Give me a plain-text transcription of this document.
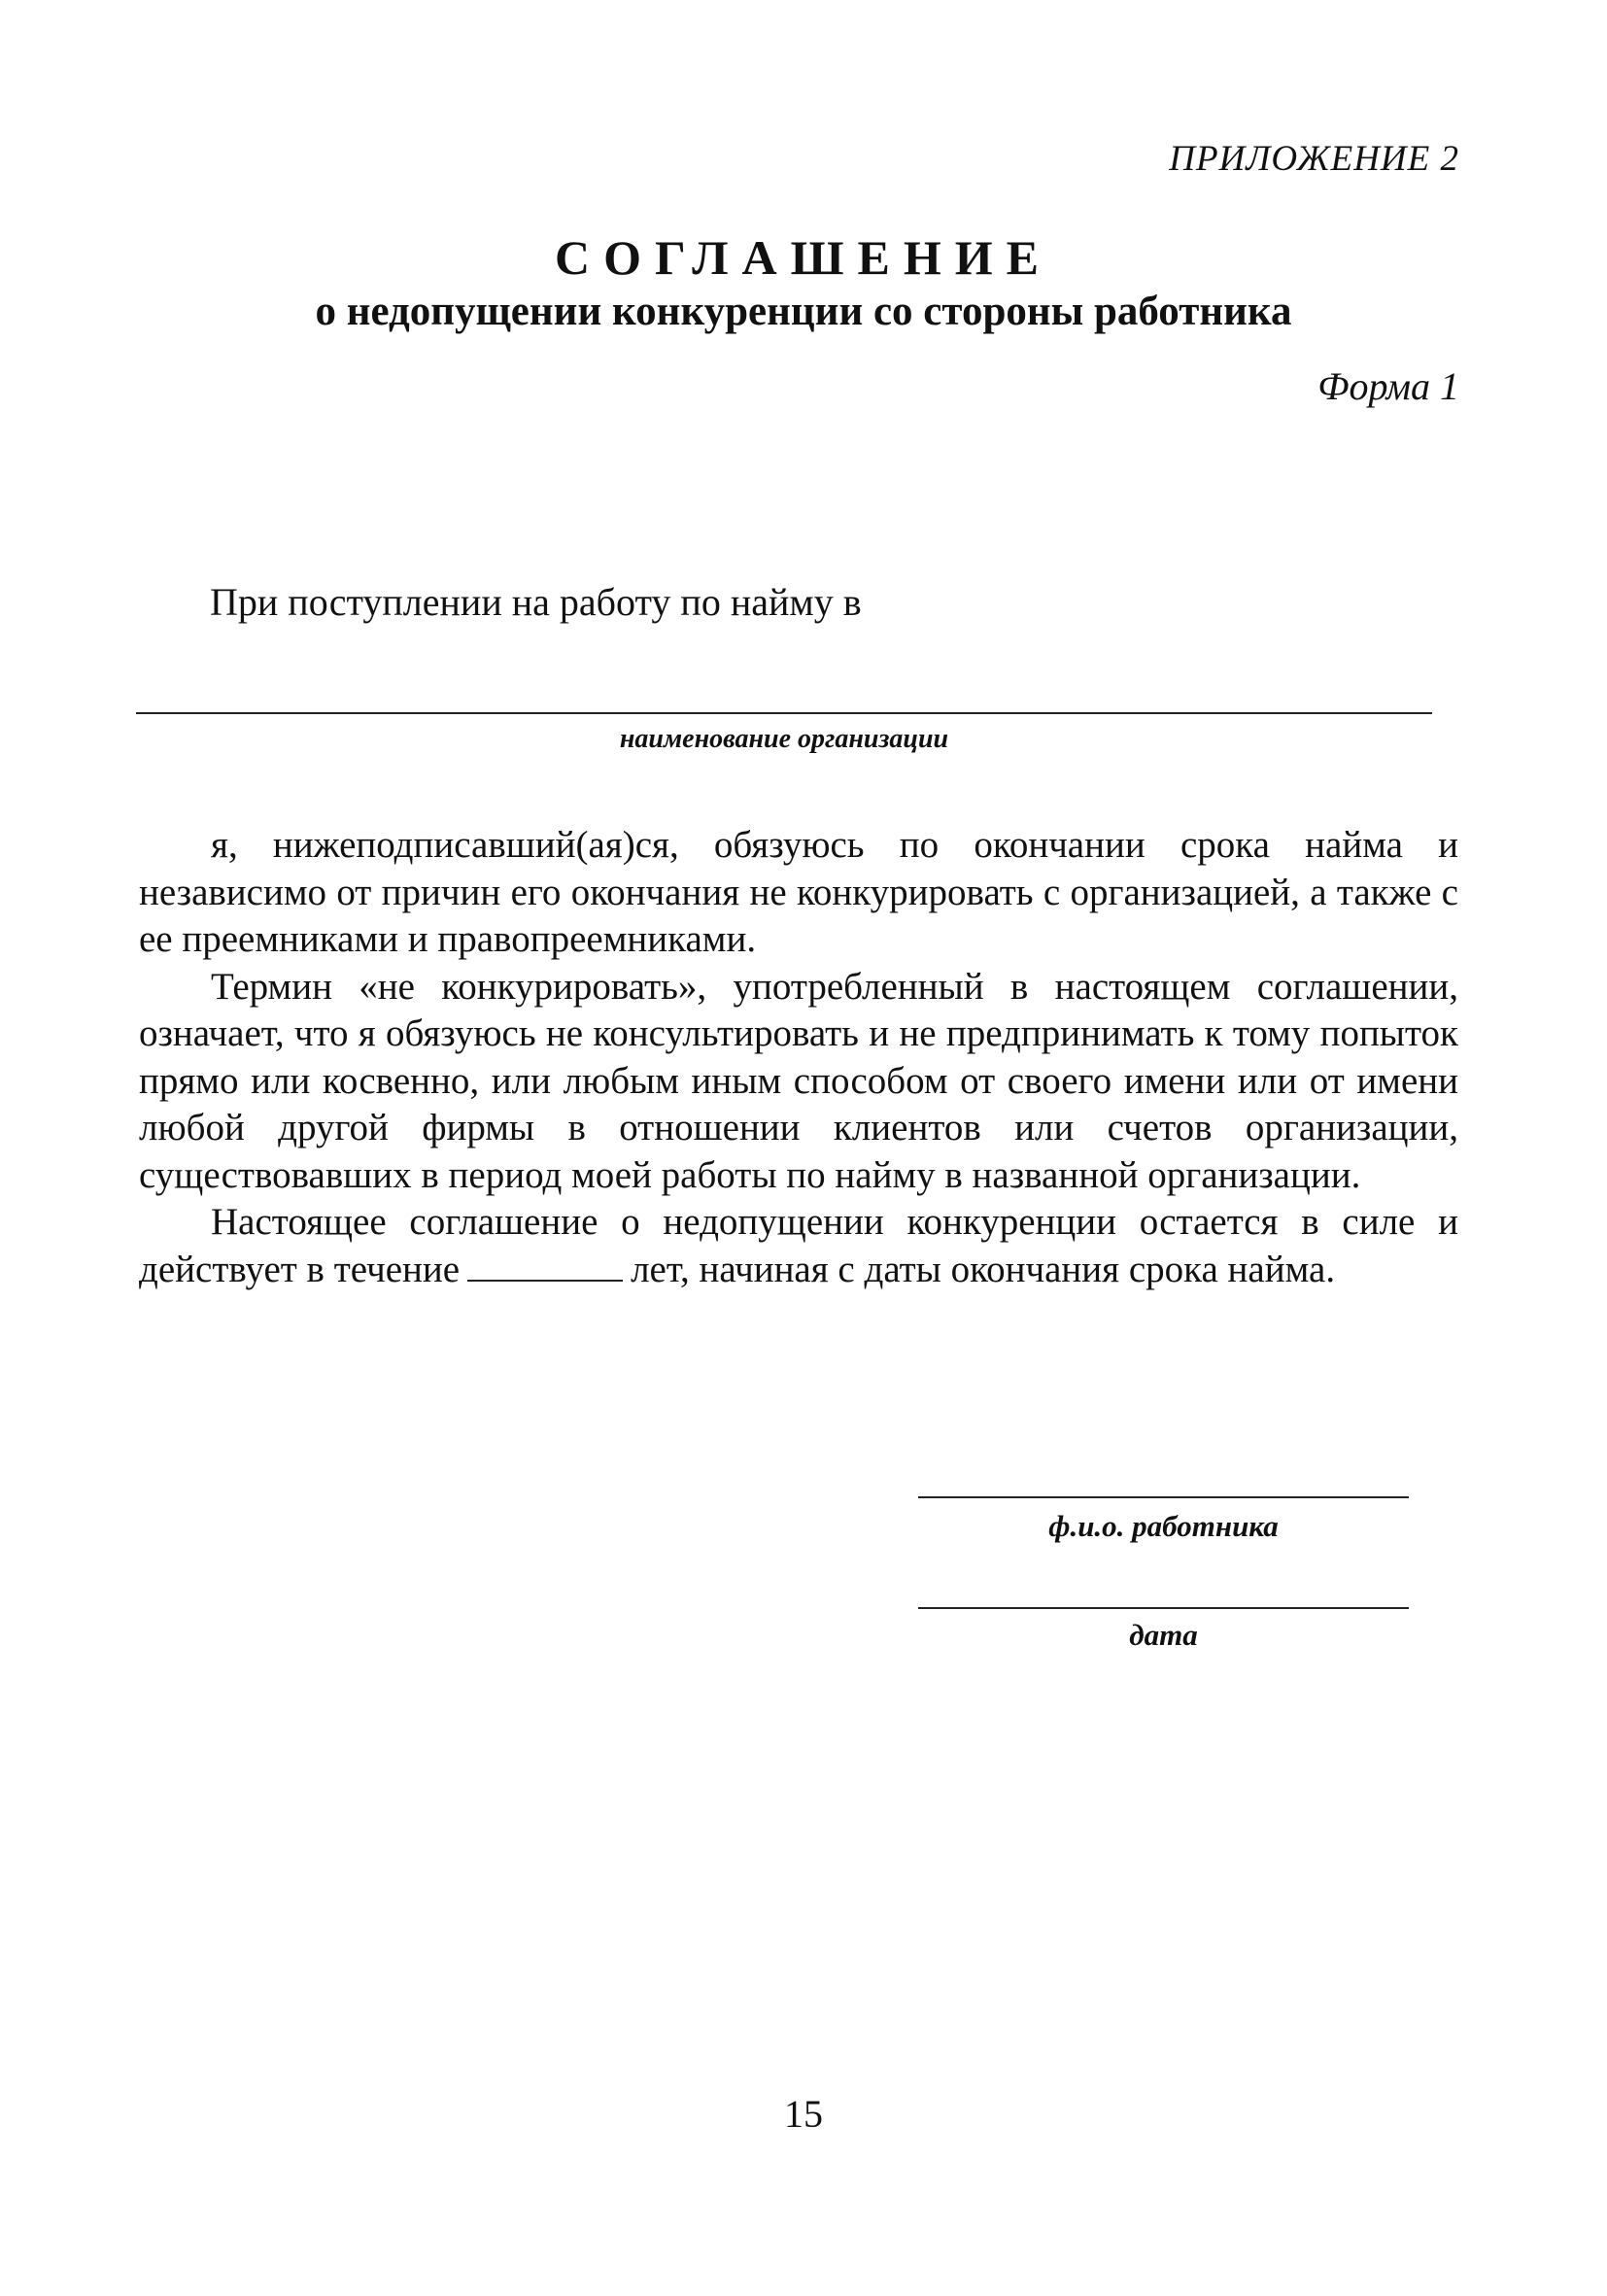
ПРИЛОЖЕНИЕ 2
СОГЛАШЕНИЕ
о недопущении конкуренции со стороны работника
Форма 1
При поступлении на работу по найму в
наименование организации

я, нижеподписавший(ая)ся, обязуюсь по окончании срока найма и независимо от причин его окончания не конкурировать с организацией, а также с ее преемниками и правопреемниками.

Термин «не конкурировать», употребленный в настоящем соглашении, означает, что я обязуюсь не консультировать и не предпринимать к тому попыток прямо или косвенно, или любым иным способом от своего имени или от имени любой другой фирмы в отношении клиентов или счетов организации, существовавших в период моей работы по найму в названной организации.

Настоящее соглашение о недопущении конкуренции остается в силе и действует в течение	лет, начиная с даты окончания срока найма.

ф.и.о. работника
дата
15
